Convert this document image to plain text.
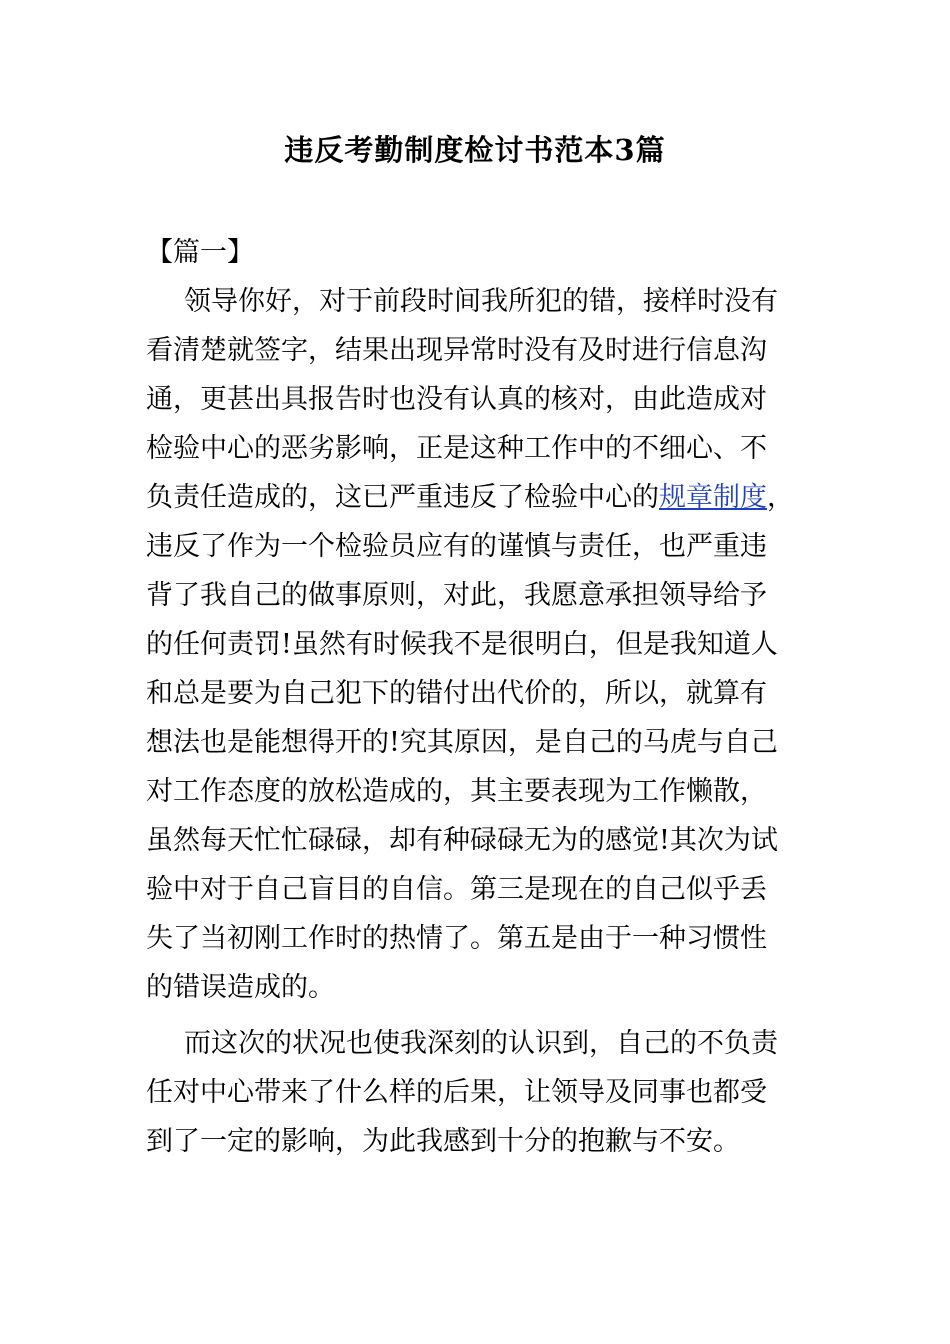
违反考勤制度检讨书范本3篇

【篇一】

领导你好，对于前段时间我所犯的错，接样时没有

看清楚就签字，结果出现异常时没有及时进行信息沟

通，更甚出具报告时也没有认真的核对，由此造成对

检验中心的恶劣影响，正是这种工作中的不细心、不

负责任造成的，这已严重违反了检验中心的规章制度，

违反了作为一个检验员应有的谨慎与责任，也严重违

背了我自己的做事原则，对此，我愿意承担领导给予

的任何责罚!虽然有时候我不是很明白，但是我知道人

和总是要为自己犯下的错付出代价的，所以，就算有

想法也是能想得开的!究其原因，是自己的马虎与自己

对工作态度的放松造成的，其主要表现为工作懒散，

虽然每天忙忙碌碌，却有种碌碌无为的感觉!其次为试

验中对于自己盲目的自信。第三是现在的自己似乎丢

失了当初刚工作时的热情了。第五是由于一种习惯性

的错误造成的。

而这次的状况也使我深刻的认识到，自己的不负责

任对中心带来了什么样的后果，让领导及同事也都受

到了一定的影响，为此我感到十分的抱歉与不安。
